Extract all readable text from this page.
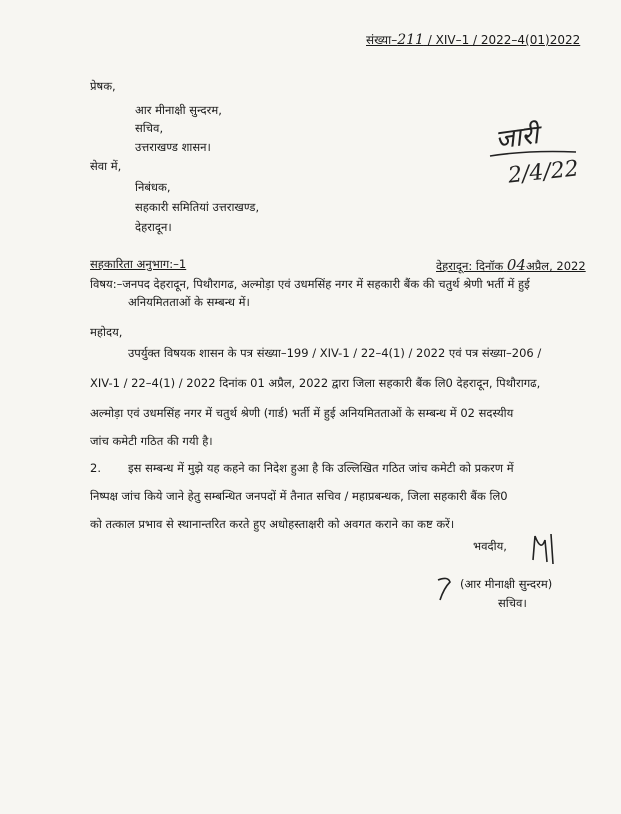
संख्या–211 / XIV–1 / 2022–4(01)2022
प्रेषक,
आर मीनाक्षी सुन्दरम,
सचिव,
उत्तराखण्ड शासन।
सेवा में,
निबंधक,
सहकारी समितियां उत्तराखण्ड,
देहरादून।
जारी
2/4/22
सहकारिता अनुभाग:–1	देहरादून: दिनॉक 04अप्रैल, 2022
विषय:–जनपद देहरादून, पिथौरागढ, अल्मोड़ा एवं उधमसिंह नगर में सहकारी बैंक की चतुर्थ श्रेणी भर्ती में हुई
अनियमितताओं के सम्बन्ध में।
महोदय,
उपर्युक्त विषयक शासन के पत्र संख्या–199 / XIV-1 / 22–4(1) / 2022 एवं पत्र संख्या–206 /
XIV-1 / 22–4(1) / 2022 दिनांक 01 अप्रैल, 2022 द्वारा जिला सहकारी बैंक लि0 देहरादून, पिथौरागढ,
अल्मोड़ा एवं उधमसिंह नगर में चतुर्थ श्रेणी (गार्ड) भर्ती में हुई अनियमितताओं के सम्बन्ध में 02 सदस्यीय
जांच कमेटी गठित की गयी है।
2. इस सम्बन्ध में मुझे यह कहने का निदेश हुआ है कि उल्लिखित गठित जांच कमेटी को प्रकरण में
निष्पक्ष जांच किये जाने हेतु सम्बन्धित जनपदों में तैनात सचिव / महाप्रबन्धक, जिला सहकारी बैंक लि0
को तत्काल प्रभाव से स्थानान्तरित करते हुए अधोहस्ताक्षरी को अवगत कराने का कष्ट करें।
भवदीय,
(आर मीनाक्षी सुन्दरम)
सचिव।
